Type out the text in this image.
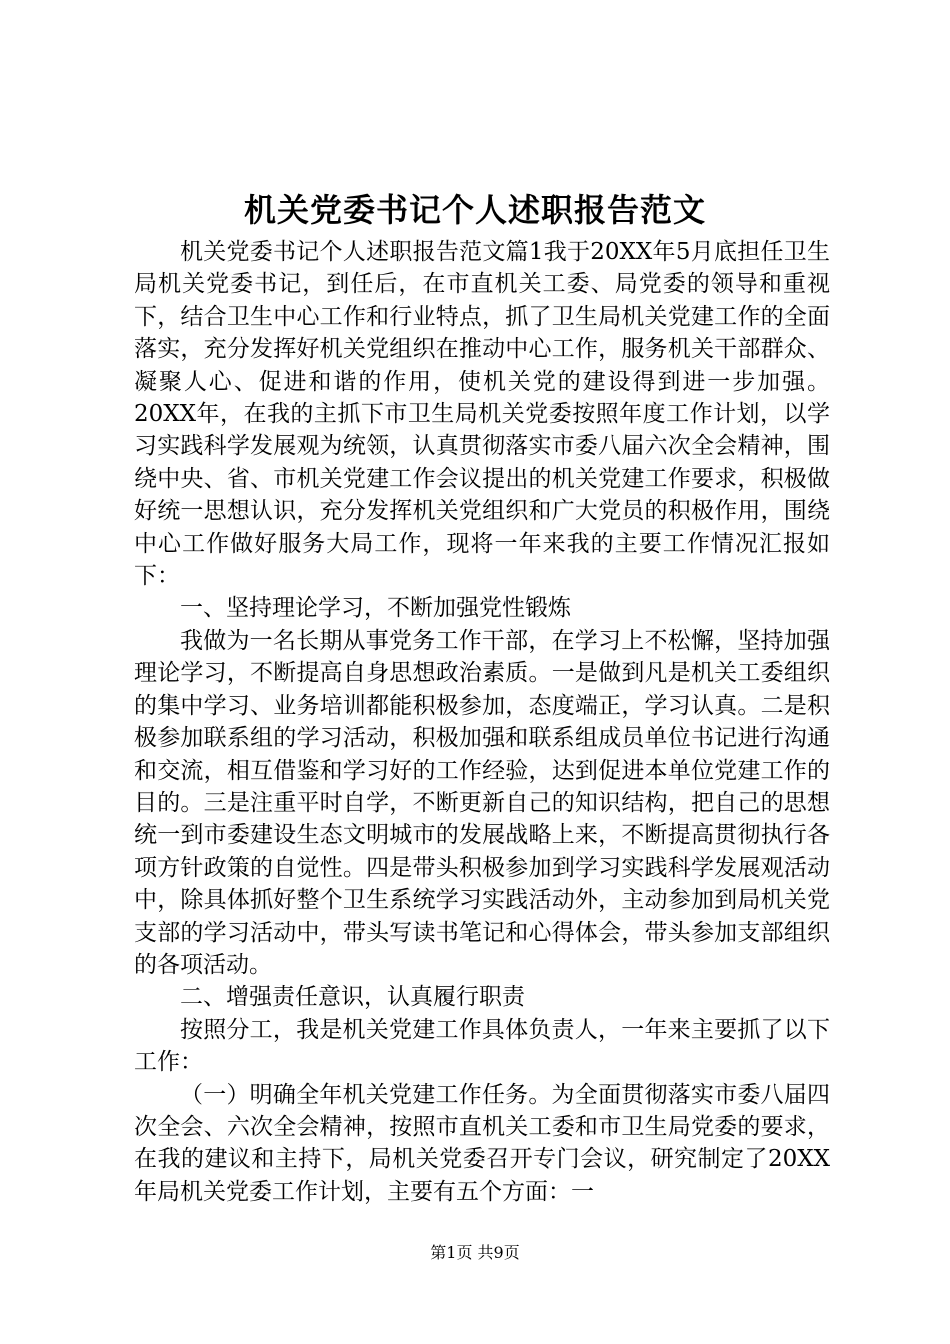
机关党委书记个人述职报告范文

机关党委书记个人述职报告范文篇1我于20XX年5月底担任卫生局机关党委书记，到任后，在市直机关工委、局党委的领导和重视下，结合卫生中心工作和行业特点，抓了卫生局机关党建工作的全面落实，充分发挥好机关党组织在推动中心工作，服务机关干部群众、凝聚人心、促进和谐的作用，使机关党的建设得到进一步加强。20XX年，在我的主抓下市卫生局机关党委按照年度工作计划，以学习实践科学发展观为统领，认真贯彻落实市委八届六次全会精神，围绕中央、省、市机关党建工作会议提出的机关党建工作要求，积极做好统一思想认识，充分发挥机关党组织和广大党员的积极作用，围绕中心工作做好服务大局工作，现将一年来我的主要工作情况汇报如下：

一、坚持理论学习，不断加强党性锻炼

我做为一名长期从事党务工作干部，在学习上不松懈，坚持加强理论学习，不断提高自身思想政治素质。一是做到凡是机关工委组织的集中学习、业务培训都能积极参加，态度端正，学习认真。二是积极参加联系组的学习活动，积极加强和联系组成员单位书记进行沟通和交流，相互借鉴和学习好的工作经验，达到促进本单位党建工作的目的。三是注重平时自学，不断更新自己的知识结构，把自己的思想统一到市委建设生态文明城市的发展战略上来，不断提高贯彻执行各项方针政策的自觉性。四是带头积极参加到学习实践科学发展观活动中，除具体抓好整个卫生系统学习实践活动外，主动参加到局机关党支部的学习活动中，带头写读书笔记和心得体会，带头参加支部组织的各项活动。

二、增强责任意识，认真履行职责

按照分工，我是机关党建工作具体负责人，一年来主要抓了以下工作：

（一）明确全年机关党建工作任务。为全面贯彻落实市委八届四次全会、六次全会精神，按照市直机关工委和市卫生局党委的要求，在我的建议和主持下，局机关党委召开专门会议，研究制定了20XX年局机关党委工作计划，主要有五个方面：一

第1页 共9页
